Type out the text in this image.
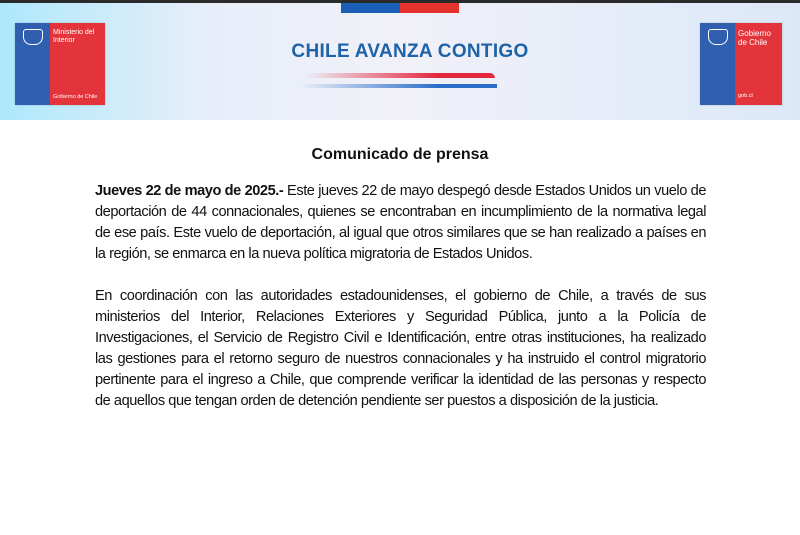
Ministerio del Interior
Gobierno de Chile
CHILE AVANZA CONTIGO
Gobierno de Chile
gob.cl
Comunicado de prensa

Jueves 22 de mayo de 2025.- Este jueves 22 de mayo despegó desde Estados Unidos un vuelo de deportación de 44 connacionales, quienes se encontraban en incumplimiento de la normativa legal de ese país. Este vuelo de deportación, al igual que otros similares que se han realizado a países en la región, se enmarca en la nueva política migratoria de Estados Unidos.

En coordinación con las autoridades estadounidenses, el gobierno de Chile, a través de sus ministerios del Interior, Relaciones Exteriores y Seguridad Pública, junto a la Policía de Investigaciones, el Servicio de Registro Civil e Identificación, entre otras instituciones, ha realizado las gestiones para el retorno seguro de nuestros connacionales y ha instruido el control migratorio pertinente para el ingreso a Chile, que comprende verificar la identidad de las personas y respecto de aquellos que tengan orden de detención pendiente ser puestos a disposición de la justicia.
